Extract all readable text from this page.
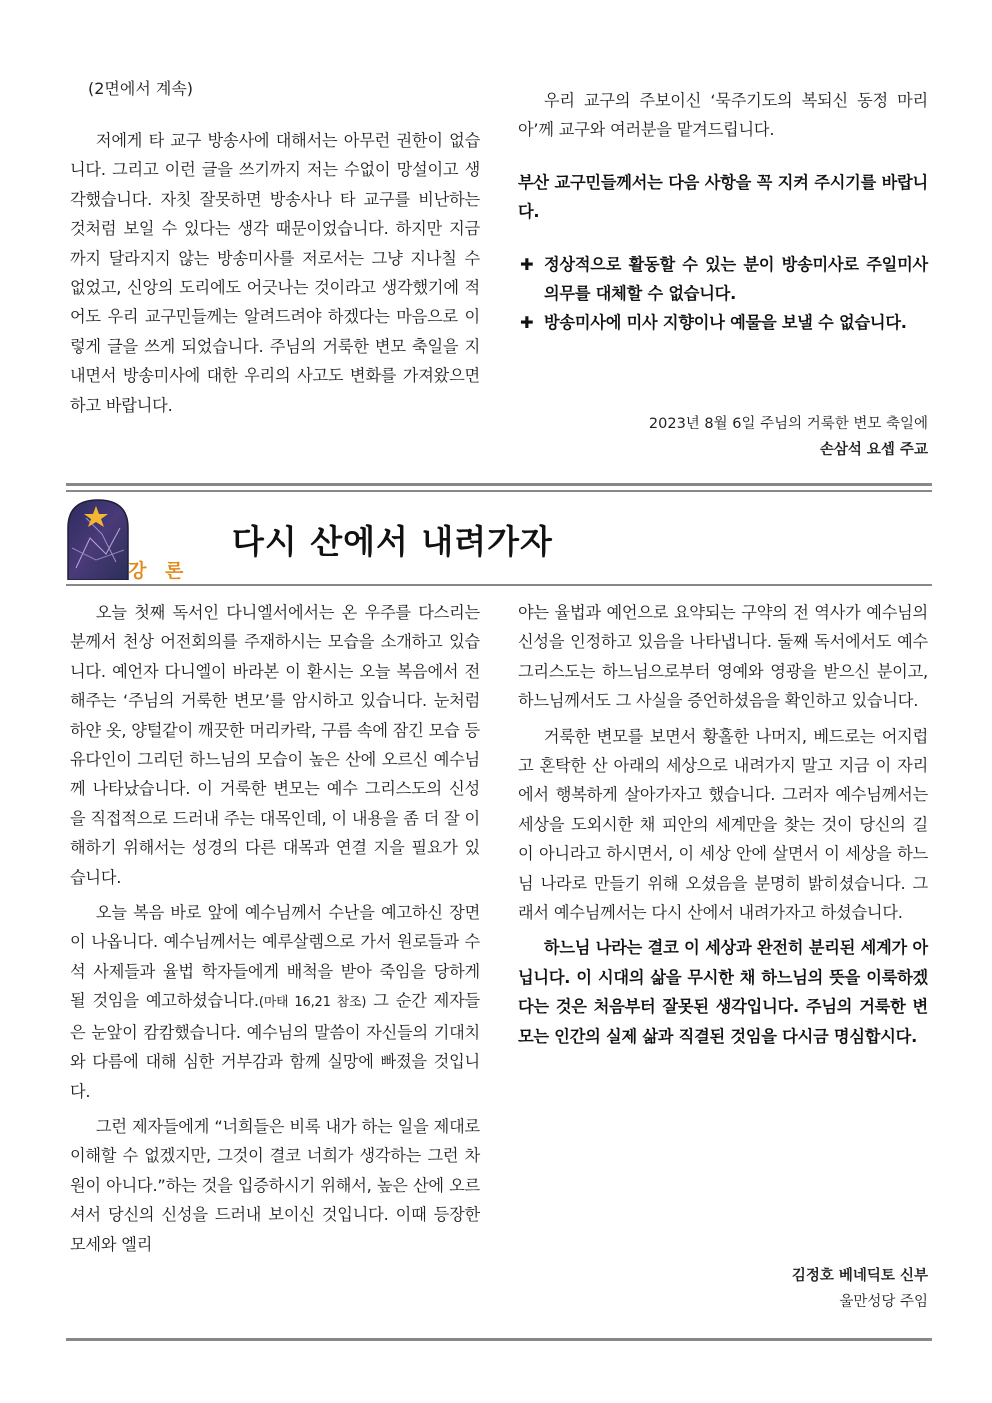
(2면에서 계속)

저에게 타 교구 방송사에 대해서는 아무런 권한이 없습니다. 그리고 이런 글을 쓰기까지 저는 수없이 망설이고 생각했습니다. 자칫 잘못하면 방송사나 타 교구를 비난하는 것처럼 보일 수 있다는 생각 때문이었습니다. 하지만 지금까지 달라지지 않는 방송미사를 저로서는 그냥 지나칠 수 없었고, 신앙의 도리에도 어긋나는 것이라고 생각했기에 적어도 우리 교구민들께는 알려드려야 하겠다는 마음으로 이렇게 글을 쓰게 되었습니다. 주님의 거룩한 변모 축일을 지내면서 방송미사에 대한 우리의 사고도 변화를 가져왔으면 하고 바랍니다.

우리 교구의 주보이신 ‘묵주기도의 복되신 동정 마리아’께 교구와 여러분을 맡겨드립니다.

부산 교구민들께서는 다음 사항을 꼭 지켜 주시기를 바랍니다.

✚ 정상적으로 활동할 수 있는 분이 방송미사로 주일미사 의무를 대체할 수 없습니다.

✚ 방송미사에 미사 지향이나 예물을 보낼 수 없습니다.

2023년 8월 6일 주님의 거룩한 변모 축일에
손삼석 요셉 주교
강 론
다시 산에서 내려가자

오늘 첫째 독서인 다니엘서에서는 온 우주를 다스리는 분께서 천상 어전회의를 주재하시는 모습을 소개하고 있습니다. 예언자 다니엘이 바라본 이 환시는 오늘 복음에서 전해주는 ‘주님의 거룩한 변모’를 암시하고 있습니다. 눈처럼 하얀 옷, 양털같이 깨끗한 머리카락, 구름 속에 잠긴 모습 등 유다인이 그리던 하느님의 모습이 높은 산에 오르신 예수님께 나타났습니다. 이 거룩한 변모는 예수 그리스도의 신성을 직접적으로 드러내 주는 대목인데, 이 내용을 좀 더 잘 이해하기 위해서는 성경의 다른 대목과 연결 지을 필요가 있습니다.

오늘 복음 바로 앞에 예수님께서 수난을 예고하신 장면이 나옵니다. 예수님께서는 예루살렘으로 가서 원로들과 수석 사제들과 율법 학자들에게 배척을 받아 죽임을 당하게 될 것임을 예고하셨습니다.(마태 16,21 참조) 그 순간 제자들은 눈앞이 캄캄했습니다. 예수님의 말씀이 자신들의 기대치와 다름에 대해 심한 거부감과 함께 실망에 빠졌을 것입니다.

그런 제자들에게 “너희들은 비록 내가 하는 일을 제대로 이해할 수 없겠지만, 그것이 결코 너희가 생각하는 그런 차원이 아니다.”하는 것을 입증하시기 위해서, 높은 산에 오르셔서 당신의 신성을 드러내 보이신 것입니다. 이때 등장한 모세와 엘리

야는 율법과 예언으로 요약되는 구약의 전 역사가 예수님의 신성을 인정하고 있음을 나타냅니다. 둘째 독서에서도 예수 그리스도는 하느님으로부터 영예와 영광을 받으신 분이고, 하느님께서도 그 사실을 증언하셨음을 확인하고 있습니다.

거룩한 변모를 보면서 황홀한 나머지, 베드로는 어지럽고 혼탁한 산 아래의 세상으로 내려가지 말고 지금 이 자리에서 행복하게 살아가자고 했습니다. 그러자 예수님께서는 세상을 도외시한 채 피안의 세계만을 찾는 것이 당신의 길이 아니라고 하시면서, 이 세상 안에 살면서 이 세상을 하느님 나라로 만들기 위해 오셨음을 분명히 밝히셨습니다. 그래서 예수님께서는 다시 산에서 내려가자고 하셨습니다.

하느님 나라는 결코 이 세상과 완전히 분리된 세계가 아닙니다. 이 시대의 삶을 무시한 채 하느님의 뜻을 이룩하겠다는 것은 처음부터 잘못된 생각입니다. 주님의 거룩한 변모는 인간의 실제 삶과 직결된 것임을 다시금 명심합시다.

김정호 베네딕토 신부
울만성당 주임
